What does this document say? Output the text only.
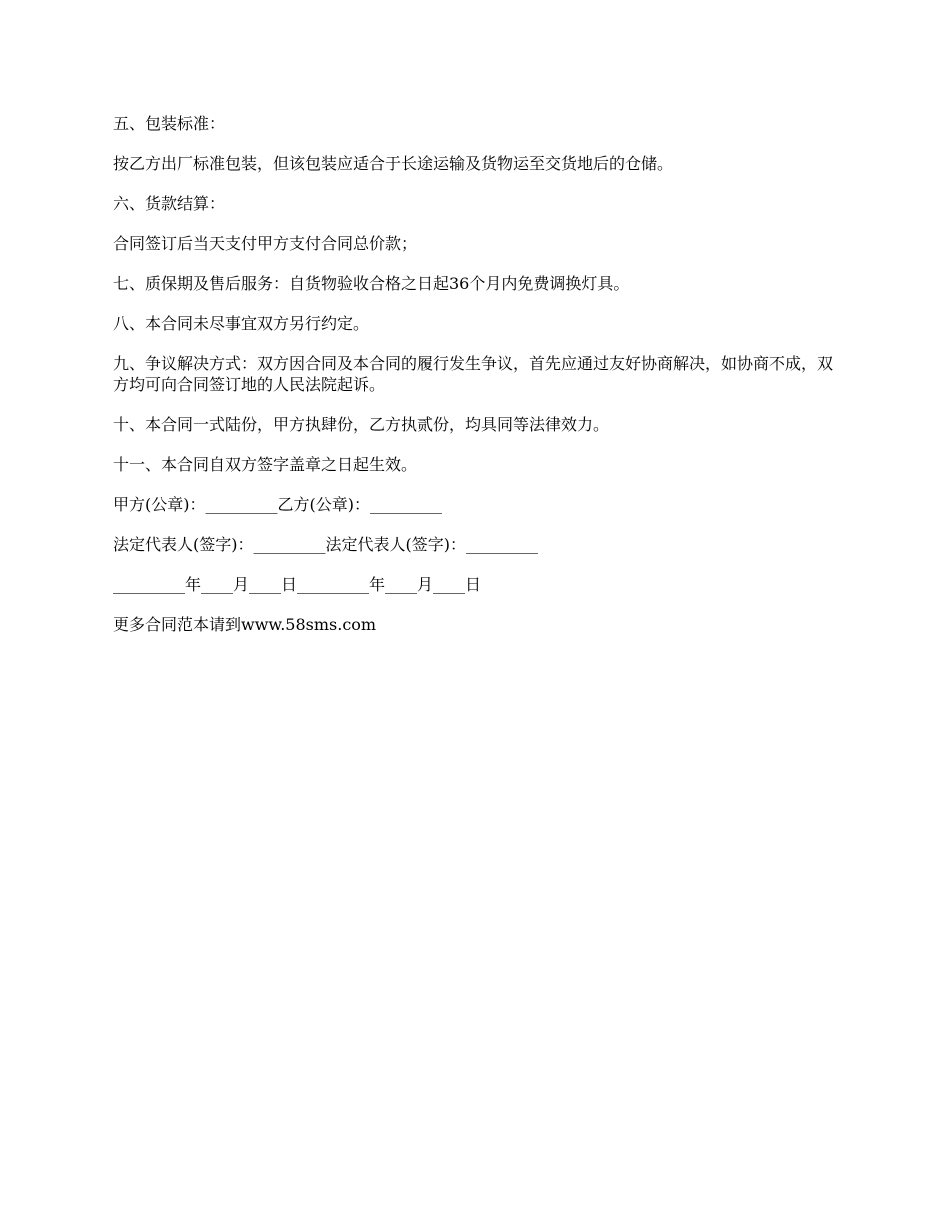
五、包装标准：

按乙方出厂标准包装，但该包装应适合于长途运输及货物运至交货地后的仓储。

六、货款结算：

合同签订后当天支付甲方支付合同总价款；

七、质保期及售后服务：自货物验收合格之日起36个月内免费调换灯具。

八、本合同未尽事宜双方另行约定。

九、争议解决方式：双方因合同及本合同的履行发生争议，首先应通过友好协商解决，如协商不成，双方均可向合同签订地的人民法院起诉。

十、本合同一式陆份，甲方执肆份，乙方执贰份，均具同等法律效力。

十一、本合同自双方签字盖章之日起生效。

甲方(公章)：_________乙方(公章)：_________

法定代表人(签字)：_________法定代表人(签字)：_________

_________年____月____日_________年____月____日

更多合同范本请到www.58sms.com
